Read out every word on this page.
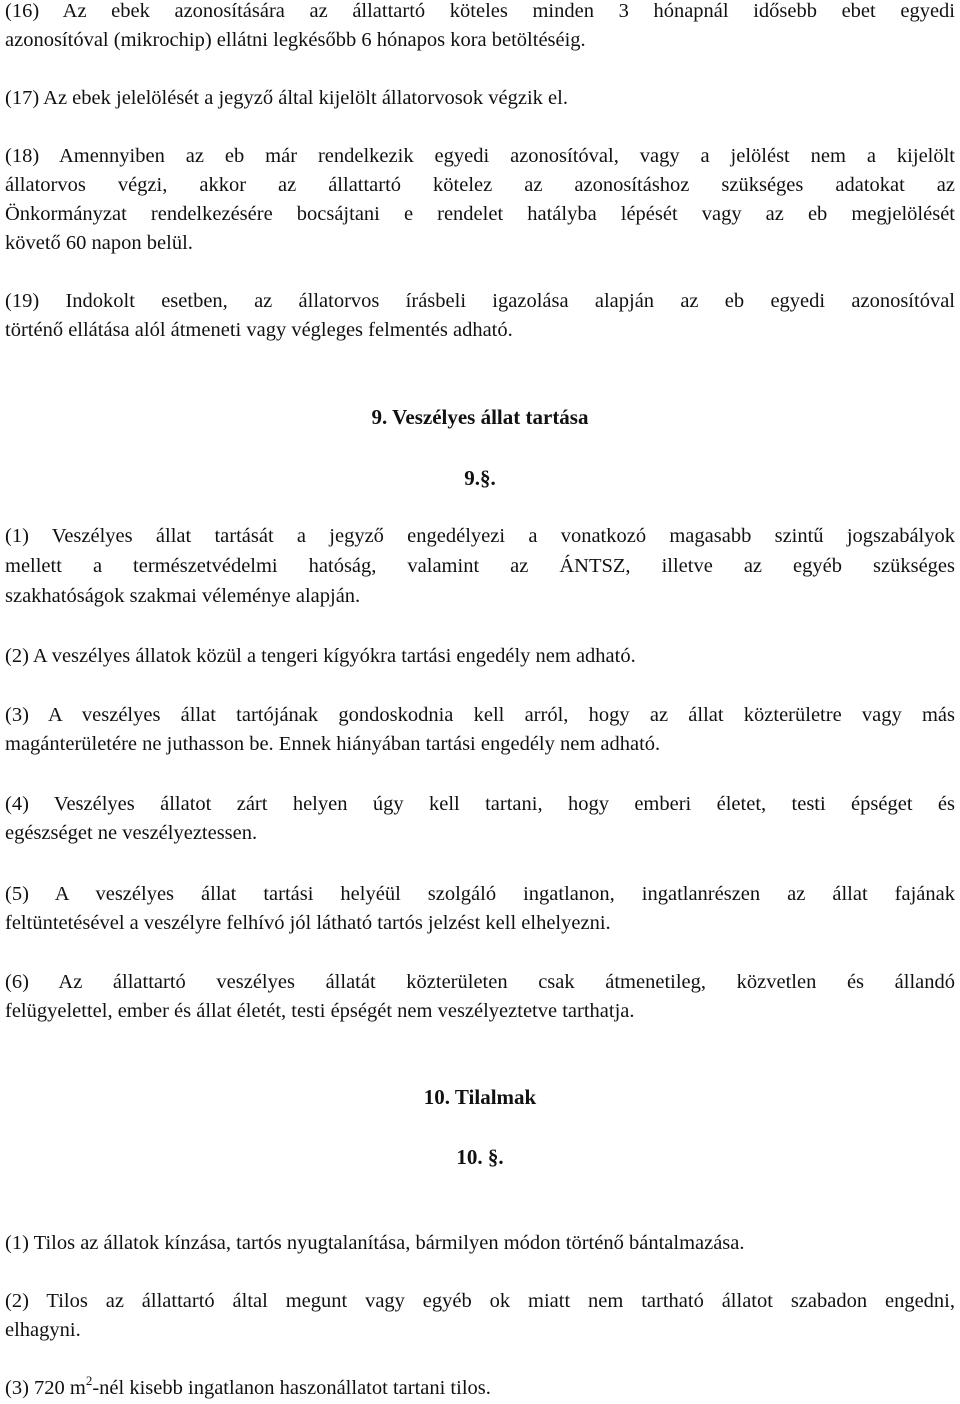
(16) Az ebek azonosítására az állattartó köteles minden 3 hónapnál idősebb ebet egyedi
azonosítóval (mikrochip) ellátni legkésőbb 6 hónapos kora betöltéséig.
(17) Az ebek jelelölését a jegyző által kijelölt állatorvosok végzik el.
(18) Amennyiben az eb már rendelkezik egyedi azonosítóval, vagy a jelölést nem a kijelölt
állatorvos végzi, akkor az állattartó kötelez az azonosításhoz szükséges adatokat az
Önkormányzat rendelkezésére bocsájtani e rendelet hatályba lépését vagy az eb megjelölését
követő 60 napon belül.
(19) Indokolt esetben, az állatorvos írásbeli igazolása alapján az eb egyedi azonosítóval
történő ellátása alól átmeneti vagy végleges felmentés adható.
9. Veszélyes állat tartása
9.§.
(1) Veszélyes állat tartását a jegyző engedélyezi a vonatkozó magasabb szintű jogszabályok
mellett a természetvédelmi hatóság, valamint az ÁNTSZ, illetve az egyéb szükséges
szakhatóságok szakmai véleménye alapján.
(2) A veszélyes állatok közül a tengeri kígyókra tartási engedély nem adható.
(3) A veszélyes állat tartójának gondoskodnia kell arról, hogy az állat közterületre vagy más
magánterületére ne juthasson be. Ennek hiányában tartási engedély nem adható.
(4) Veszélyes állatot zárt helyen úgy kell tartani, hogy emberi életet, testi épséget és
egészséget ne veszélyeztessen.
(5) A veszélyes állat tartási helyéül szolgáló ingatlanon, ingatlanrészen az állat fajának
feltüntetésével a veszélyre felhívó jól látható tartós jelzést kell elhelyezni.
(6) Az állattartó veszélyes állatát közterületen csak átmenetileg, közvetlen és állandó
felügyelettel, ember és állat életét, testi épségét nem veszélyeztetve tarthatja.
10. Tilalmak
10. §.
(1) Tilos az állatok kínzása, tartós nyugtalanítása, bármilyen módon történő bántalmazása.
(2) Tilos az állattartó által megunt vagy egyéb ok miatt nem tartható állatot szabadon engedni,
elhagyni.
(3) 720 $m^2$-nél kisebb ingatlanon haszonállatot tartani tilos.
